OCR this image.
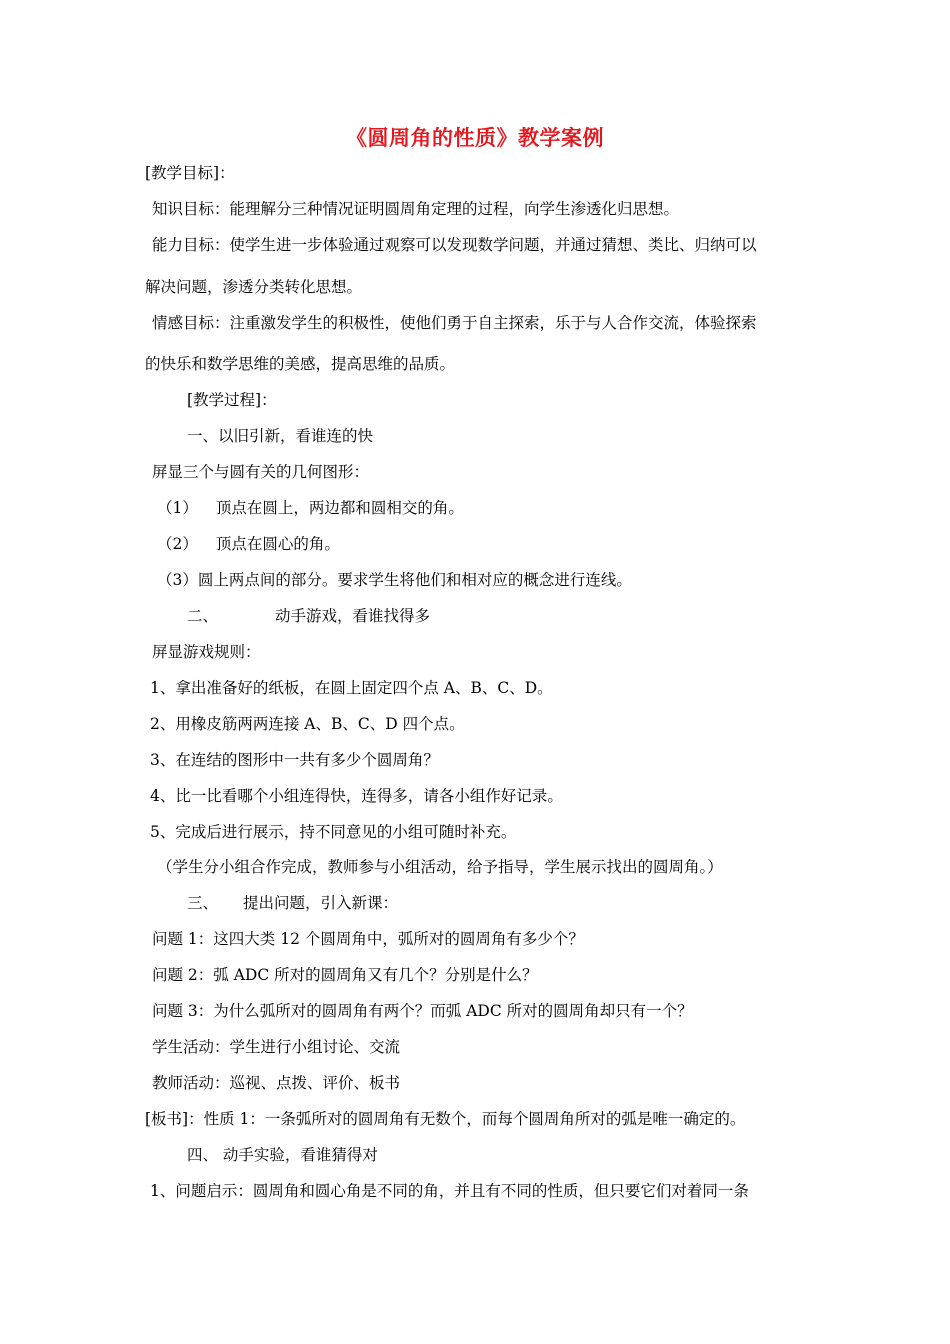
《圆周角的性质》教学案例
[教学目标]：
知识目标：能理解分三种情况证明圆周角定理的过程，向学生渗透化归思想。
能力目标：使学生进一步体验通过观察可以发现数学问题，并通过猜想、类比、归纳可以
解决问题，渗透分类转化思想。
情感目标：注重激发学生的积极性，使他们勇于自主探索，乐于与人合作交流，体验探索
的快乐和数学思维的美感，提高思维的品质。
[教学过程]：
一、以旧引新，看谁连的快
屏显三个与圆有关的几何图形：
（1） 顶点在圆上，两边都和圆相交的角。
（2） 顶点在圆心的角。
（3）圆上两点间的部分。要求学生将他们和相对应的概念进行连线。
二、	动手游戏，看谁找得多
屏显游戏规则：
1、拿出准备好的纸板，在圆上固定四个点 A、B、C、D。
2、用橡皮筋两两连接 A、B、C、D 四个点。
3、在连结的图形中一共有多少个圆周角？
4、比一比看哪个小组连得快，连得多，请各小组作好记录。
5、完成后进行展示，持不同意见的小组可随时补充。
（学生分小组合作完成，教师参与小组活动，给予指导，学生展示找出的圆周角。）
三、 提出问题，引入新课：
问题 1：这四大类 12 个圆周角中，弧所对的圆周角有多少个？
问题 2：弧 ADC 所对的圆周角又有几个？分别是什么？
问题 3：为什么弧所对的圆周角有两个？而弧 ADC 所对的圆周角却只有一个？
学生活动：学生进行小组讨论、交流
教师活动：巡视、点拨、评价、板书
[板书]：性质 1：一条弧所对的圆周角有无数个，而每个圆周角所对的弧是唯一确定的。
四、 动手实验，看谁猜得对
1、问题启示：圆周角和圆心角是不同的角，并且有不同的性质，但只要它们对着同一条
